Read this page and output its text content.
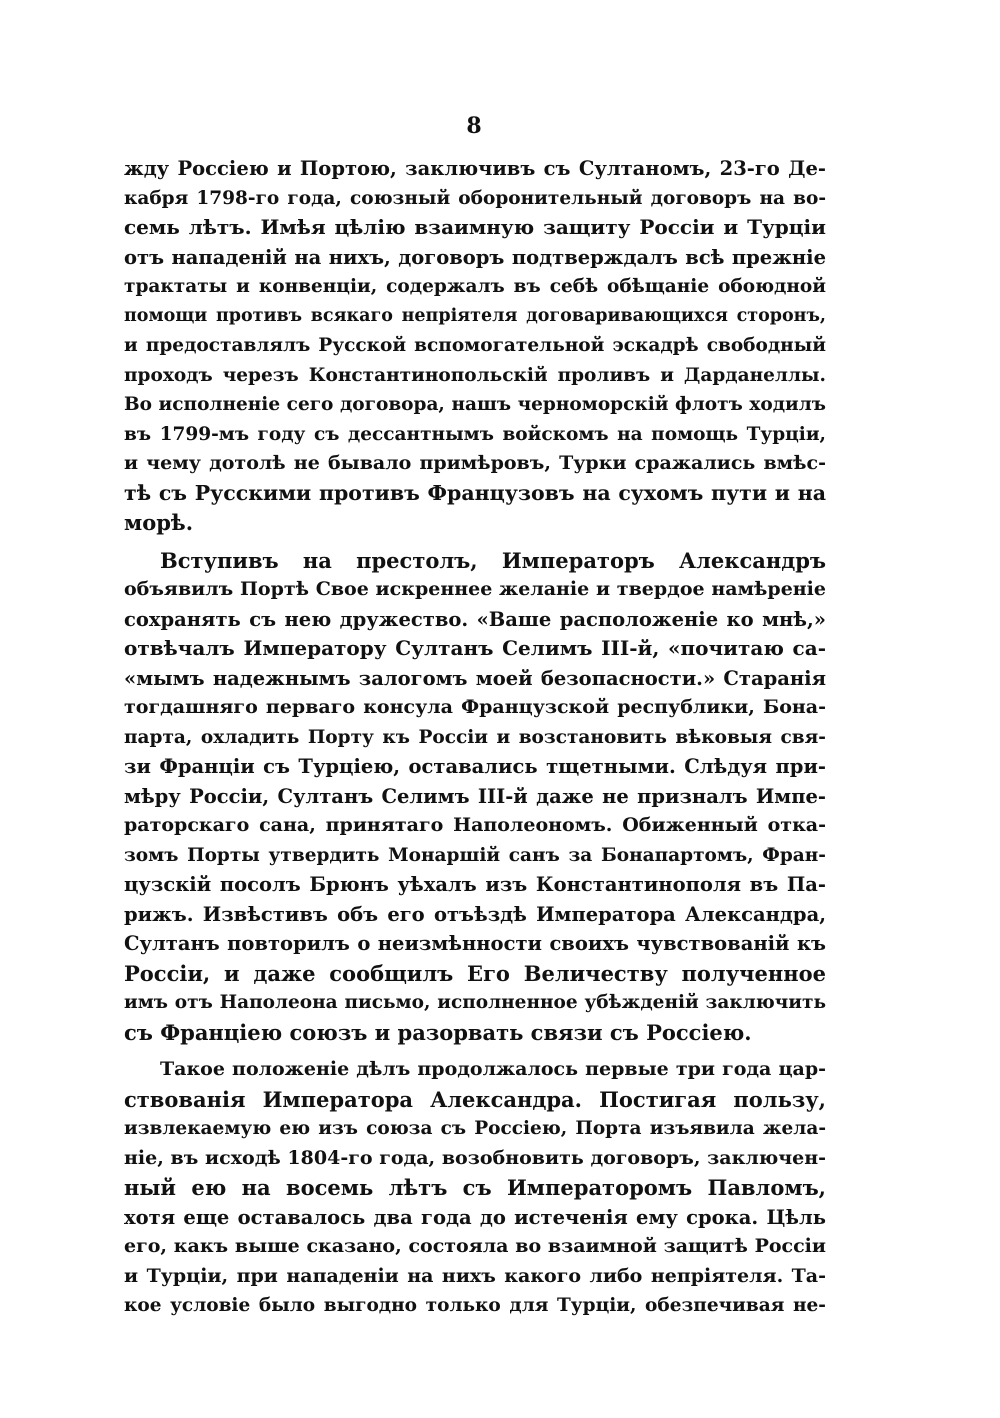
8
жду Россіею и Портою, заключивъ съ Султаномъ, 23-го Де-
кабря 1798-го года, союзный оборонительный договоръ на во-
семь лѣтъ. Имѣя цѣлію взаимную защиту Россіи и Турціи
отъ нападеній на нихъ, договоръ подтверждалъ всѣ прежніе
трактаты и конвенціи, содержалъ въ себѣ обѣщаніе обоюдной
помощи противъ всякаго непріятеля договаривающихся сторонъ,
и предоставлялъ Русской вспомогательной эскадрѣ свободный
проходъ черезъ Константинопольскій проливъ и Дарданеллы.
Во исполненіе сего договора, нашъ черноморскій флотъ ходилъ
въ 1799-мъ году съ дессантнымъ войскомъ на помощь Турціи,
и чему дотолѣ не бывало примѣровъ, Турки сражались вмѣс-
тѣ съ Русскими противъ Французовъ на сухомъ пути и на
морѣ.
Вступивъ на престолъ, Императоръ Александръ
объявилъ Портѣ Свое искреннее желаніе и твердое намѣреніе
сохранять съ нею дружество. «Ваше расположеніе ко мнѣ,»
отвѣчалъ Императору Султанъ Селимъ III-й, «почитаю са-
«мымъ надежнымъ залогомъ моей безопасности.» Старанія
тогдашняго перваго консула Французской республики, Бона-
парта, охладить Порту къ Россіи и возстановить вѣковыя свя-
зи Франціи съ Турціею, оставались тщетными. Слѣдуя при-
мѣру Россіи, Султанъ Селимъ III-й даже не призналъ Импе-
раторскаго сана, принятаго Наполеономъ. Обиженный отка-
зомъ Порты утвердить Монаршій санъ за Бонапартомъ, Фран-
цузскій посолъ Брюнъ уѣхалъ изъ Константинополя въ Па-
рижъ. Извѣстивъ объ его отъѣздѣ Императора Александра,
Султанъ повторилъ о неизмѣнности своихъ чувствованій къ
Россіи, и даже сообщилъ Его Величеству полученное
имъ отъ Наполеона письмо, исполненное убѣжденій заключить
съ Франціею союзъ и разорвать связи съ Россіею.
Такое положеніе дѣлъ продолжалось первые три года цар-
ствованія Императора Александра. Постигая пользу,
извлекаемую ею изъ союза съ Россіею, Порта изъявила жела-
ніе, въ исходѣ 1804-го года, возобновить договоръ, заключен-
ный ею на восемь лѣтъ съ Императоромъ Павломъ,
хотя еще оставалось два года до истеченія ему срока. Цѣль
его, какъ выше сказано, состояла во взаимной защитѣ Россіи
и Турціи, при нападеніи на нихъ какого либо непріятеля. Та-
кое условіе было выгодно только для Турціи, обезпечивая не-
